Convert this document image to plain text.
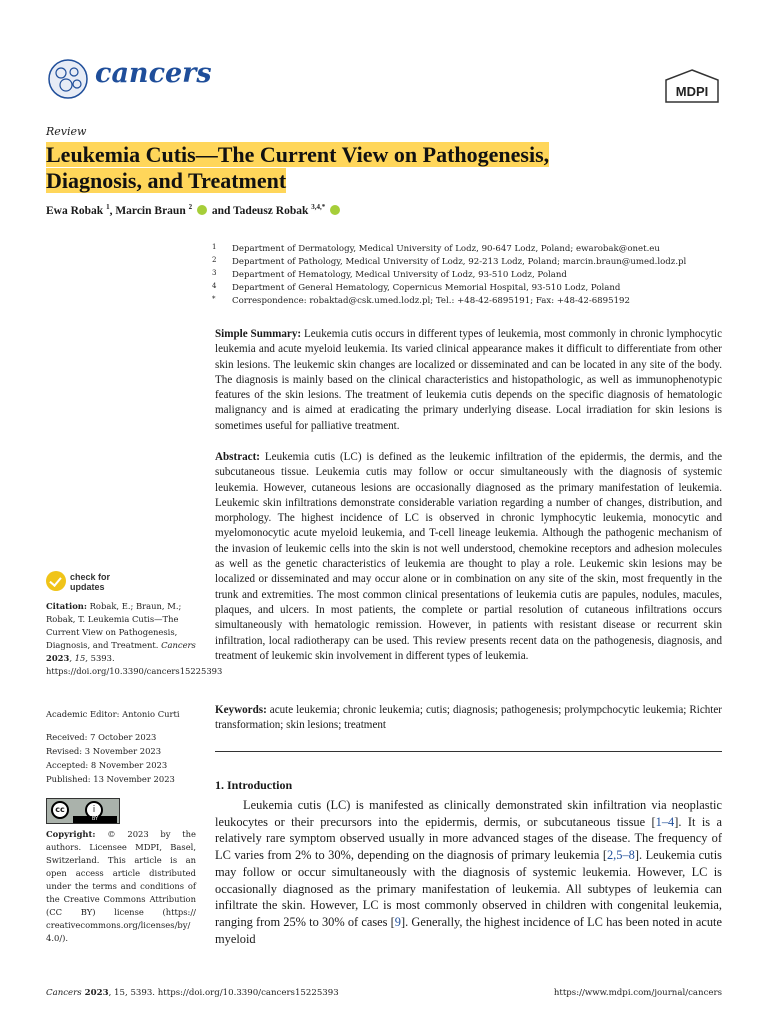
cancers
MDPI
Review
Leukemia Cutis—The Current View on Pathogenesis,
Diagnosis, and Treatment
Ewa Robak $^1$, Marcin Braun $^2$  and Tadeusz Robak $^{3,4,*}$
1 Department of Dermatology, Medical University of Lodz, 90-647 Lodz, Poland; ewarobak@onet.eu
2 Department of Pathology, Medical University of Lodz, 92-213 Lodz, Poland; marcin.braun@umed.lodz.pl
3 Department of Hematology, Medical University of Lodz, 93-510 Lodz, Poland
4 Department of General Hematology, Copernicus Memorial Hospital, 93-510 Lodz, Poland
* Correspondence: robaktad@csk.umed.lodz.pl; Tel.: +48-42-6895191; Fax: +48-42-6895192
Simple Summary: Leukemia cutis occurs in different types of leukemia, most commonly in chronic lymphocytic leukemia and acute myeloid leukemia. Its varied clinical appearance makes it difficult to differentiate from other skin lesions. The leukemic skin changes are localized or disseminated and can be located in any site of the body. The diagnosis is mainly based on the clinical characteristics and histopathologic, as well as immunophenotypic features of the skin lesions. The treatment of leukemia cutis depends on the specific diagnosis of hematologic malignancy and is aimed at eradicating the primary underlying disease. Local irradiation for skin lesions is sometimes useful for palliative treatment.
Abstract: Leukemia cutis (LC) is defined as the leukemic infiltration of the epidermis, the dermis, and the subcutaneous tissue. Leukemia cutis may follow or occur simultaneously with the diagnosis of systemic leukemia. However, cutaneous lesions are occasionally diagnosed as the primary manifestation of leukemia. Leukemic skin infiltrations demonstrate considerable variation regarding a number of changes, distribution, and morphology. The highest incidence of LC is observed in chronic lymphocytic leukemia, monocytic and myelomonocytic acute myeloid leukemia, and T-cell lineage leukemia. Although the pathogenic mechanism of the invasion of leukemic cells into the skin is not well understood, chemokine receptors and adhesion molecules as well as the genetic characteristics of leukemia are thought to play a role. Leukemic skin lesions may be localized or disseminated and may occur alone or in combination on any site of the skin, most frequently in the trunk and extremities. The most common clinical presentations of leukemia cutis are papules, nodules, macules, plaques, and ulcers. In most patients, the complete or partial resolution of cutaneous infiltrations occurs simultaneously with hematologic remission. However, in patients with resistant disease or recurrent skin infiltration, local radiotherapy can be used. This review presents recent data on the pathogenesis, diagnosis, and treatment of leukemic skin involvement in different types of leukemia.
Keywords: acute leukemia; chronic leukemia; cutis; diagnosis; pathogenesis; prolympchocytic leukemia; Richter transformation; skin lesions; treatment
1. Introduction
Leukemia cutis (LC) is manifested as clinically demonstrated skin infiltration via neoplastic leukocytes or their precursors into the epidermis, dermis, or subcutaneous tissue [1–4]. It is a relatively rare symptom observed usually in more advanced stages of the disease. The frequency of LC varies from 2% to 30%, depending on the diagnosis of primary leukemia [2,5–8]. Leukemia cutis may follow or occur simultaneously with the diagnosis of systemic leukemia. However, LC is occasionally diagnosed as the primary manifestation of leukemia. All subtypes of leukemia can infiltrate the skin. However, LC is most commonly observed in children with congenital leukemia, ranging from 25% to 30% of cases [9]. Generally, the highest incidence of LC has been noted in acute myeloid
check for
updates
Citation: Robak, E.; Braun, M.; Robak, T. Leukemia Cutis—The Current View on Pathogenesis, Diagnosis, and Treatment. Cancers 2023, 15, 5393. https://doi.org/10.3390/cancers15225393
Academic Editor: Antonio Curti
Received: 7 October 2023
Revised: 3 November 2023
Accepted: 8 November 2023
Published: 13 November 2023
cc	i
BY
Copyright: © 2023 by the authors. Licensee MDPI, Basel, Switzerland. This article is an open access article distributed under the terms and conditions of the Creative Commons Attribution (CC BY) license (https:// creativecommons.org/licenses/by/ 4.0/).
Cancers 2023, 15, 5393. https://doi.org/10.3390/cancers15225393	https://www.mdpi.com/journal/cancers
